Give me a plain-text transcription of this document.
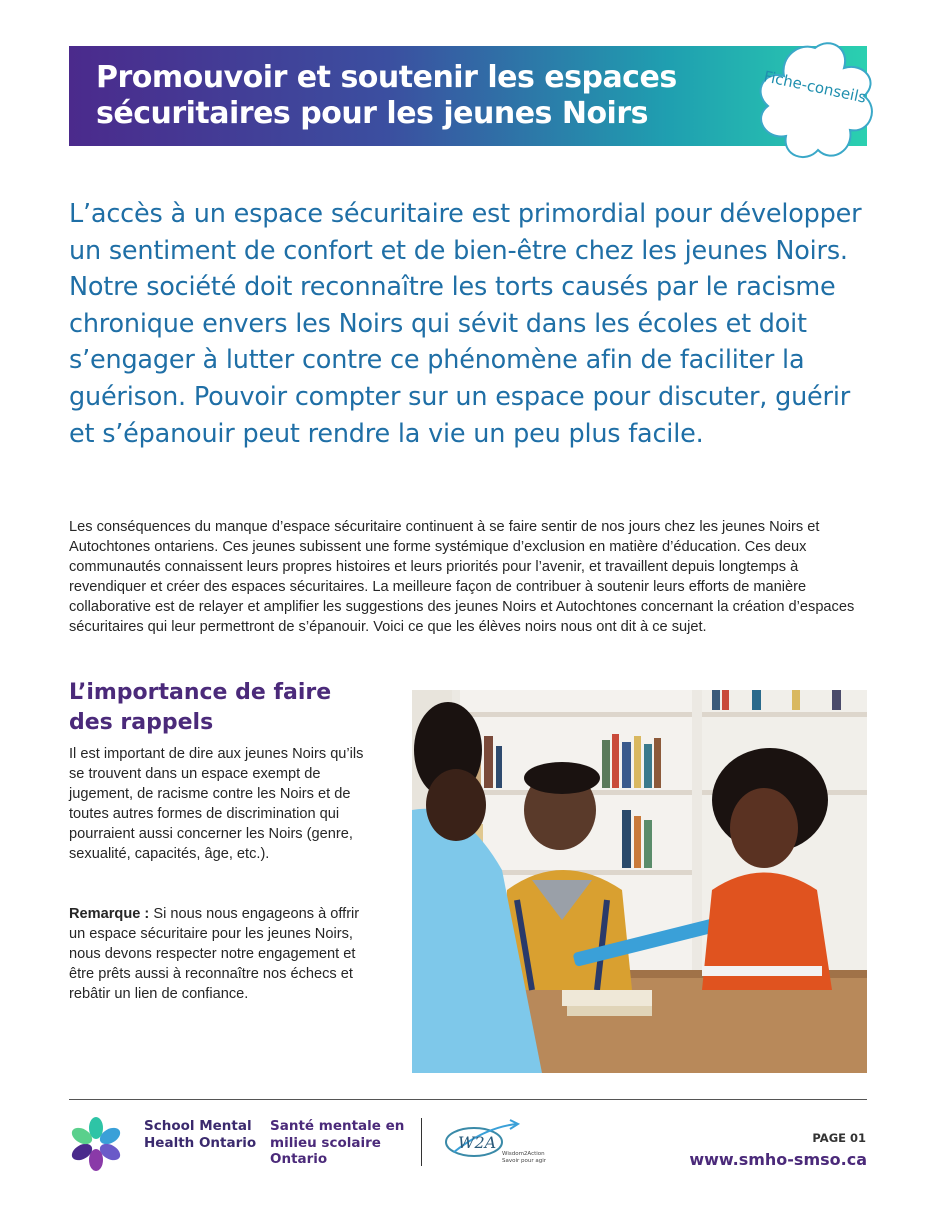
Promouvoir et soutenir les espaces sécuritaires pour les jeunes Noirs
Fiche-conseils
L’accès à un espace sécuritaire est primordial pour développer un sentiment de confort et de bien-être chez les jeunes Noirs. Notre société doit reconnaître les torts causés par le racisme chronique envers les Noirs qui sévit dans les écoles et doit s’engager à lutter contre ce phénomène afin de faciliter la guérison. Pouvoir compter sur un espace pour discuter, guérir et s’épanouir peut rendre la vie un peu plus facile.
Les conséquences du manque d’espace sécuritaire continuent à se faire sentir de nos jours chez les jeunes Noirs et Autochtones ontariens. Ces jeunes subissent une forme systémique d’exclusion en matière d’éducation. Ces deux communautés connaissent leurs propres histoires et leurs priorités pour l’avenir, et travaillent depuis longtemps à revendiquer et créer des espaces sécuritaires. La meilleure façon de contribuer à soutenir leurs efforts de manière collaborative est de relayer et amplifier les suggestions des jeunes Noirs et Autochtones concernant la création d’espaces sécuritaires qui leur permettront de s’épanouir. Voici ce que les élèves noirs nous ont dit à ce sujet.
L’importance de faire des rappels
Il est important de dire aux jeunes Noirs qu’ils se trouvent dans un espace exempt de jugement, de racisme contre les Noirs et de toutes autres formes de discrimination qui pourraient aussi concerner les Noirs (genre, sexualité, capacités, âge, etc.).
Remarque : Si nous nous engageons à offrir un espace sécuritaire pour les jeunes Noirs, nous devons respecter notre engagement et être prêts aussi à reconnaître nos échecs et rebâtir un lien de confiance.
School Mental Health Ontario
Santé mentale en milieu scolaire Ontario
W2A
Wisdom2Action
Savoir pour agir
PAGE 01
www.smho-smso.ca
